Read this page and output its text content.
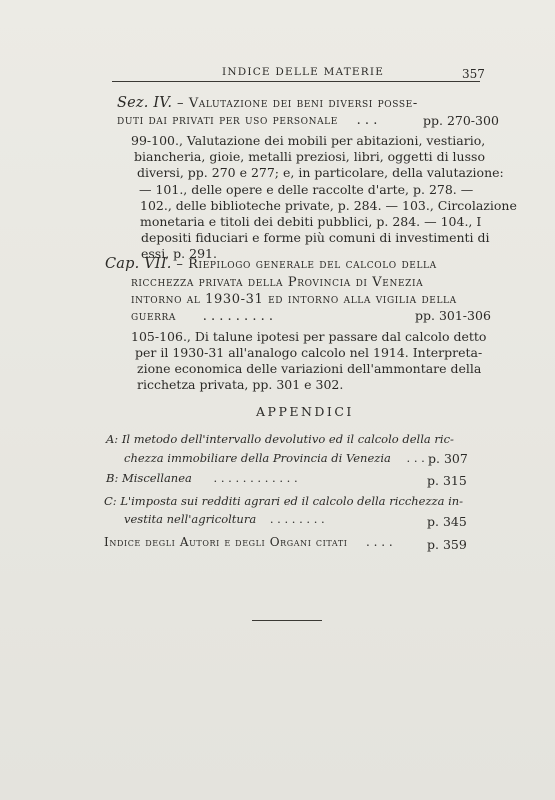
INDICE DELLE MATERIE	357
Sez. IV. – Valutazione dei beni diversi posse-
duti dai privati per uso personale . . .	pp. 270-300
99-100., Valutazione dei mobili per abitazioni, vestiario,
biancheria, gioie, metalli preziosi, libri, oggetti di lusso
diversi, pp. 270 e 277; e, in particolare, della valutazione:
— 101., delle opere e delle raccolte d'arte, p. 278. —
102., delle biblioteche private, p. 284. — 103., Circolazione
monetaria e titoli dei debiti pubblici, p. 284. — 104., I
depositi fiduciari e forme più comuni di investimenti di
essi, p. 291.
Cap. VII. – Riepilogo generale del calcolo della
ricchezza privata della Provincia di Venezia
intorno al 1930-31 ed intorno alla vigilia della
guerra . . . . . . . . .	pp. 301-306
105-106., Di talune ipotesi per passare dal calcolo detto
per il 1930-31 all'analogo calcolo nel 1914. Interpreta-
zione economica delle variazioni dell'ammontare della
ricchetza privata, pp. 301 e 302.
APPENDICI
A: Il metodo dell'intervallo devolutivo ed il calcolo della ric-
chezza immobiliare della Provincia di Venezia . . . p. 307
B: Miscellanea . . . . . . . . . . . .	p. 315
C: L'imposta sui redditi agrari ed il calcolo della ricchezza in-
vestita nell'agricoltura . . . . . . . .	p. 345
Indice degli Autori e degli Organi citati . . . .	p. 359
